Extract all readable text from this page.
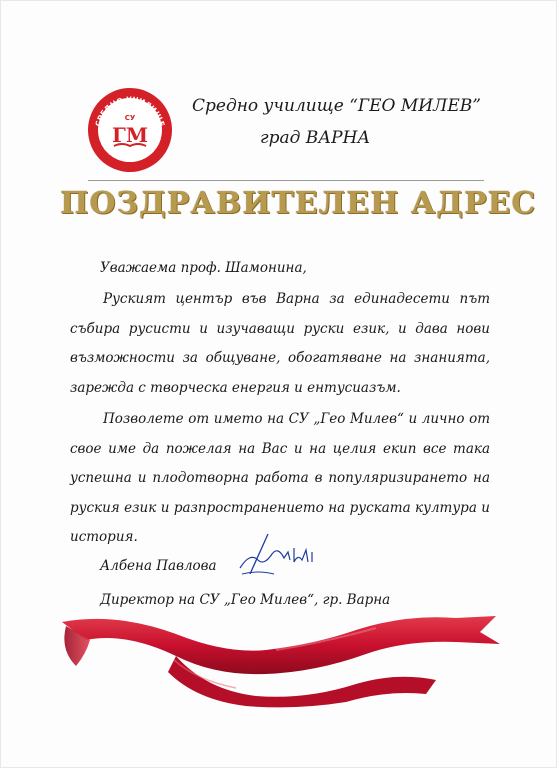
СРЕДНО УЧИЛИЩЕ
• ГЕО МИЛЕВ • ВАРНА •
СУ
ГМ
Средно училище “ГЕО МИЛЕВ”
град ВАРНА
ПОЗДРАВИТЕЛЕН АДРЕС
Уважаема проф. Шамонина,
Руският център във Варна за единадесети път събира русисти и изучаващи руски език, и дава нови възможности за общуване, обогатяване на знанията, зарежда с творческа енергия и ентусиазъм.
Позволете от името на СУ „Гео Милев“ и лично от свое име да пожелая на Вас и на целия екип все така успешна и плодотворна работа в популяризирането на руския език и разпространението на руската култура и история.
Албена Павлова
Директор на СУ „Гео Милев“, гр. Варна
